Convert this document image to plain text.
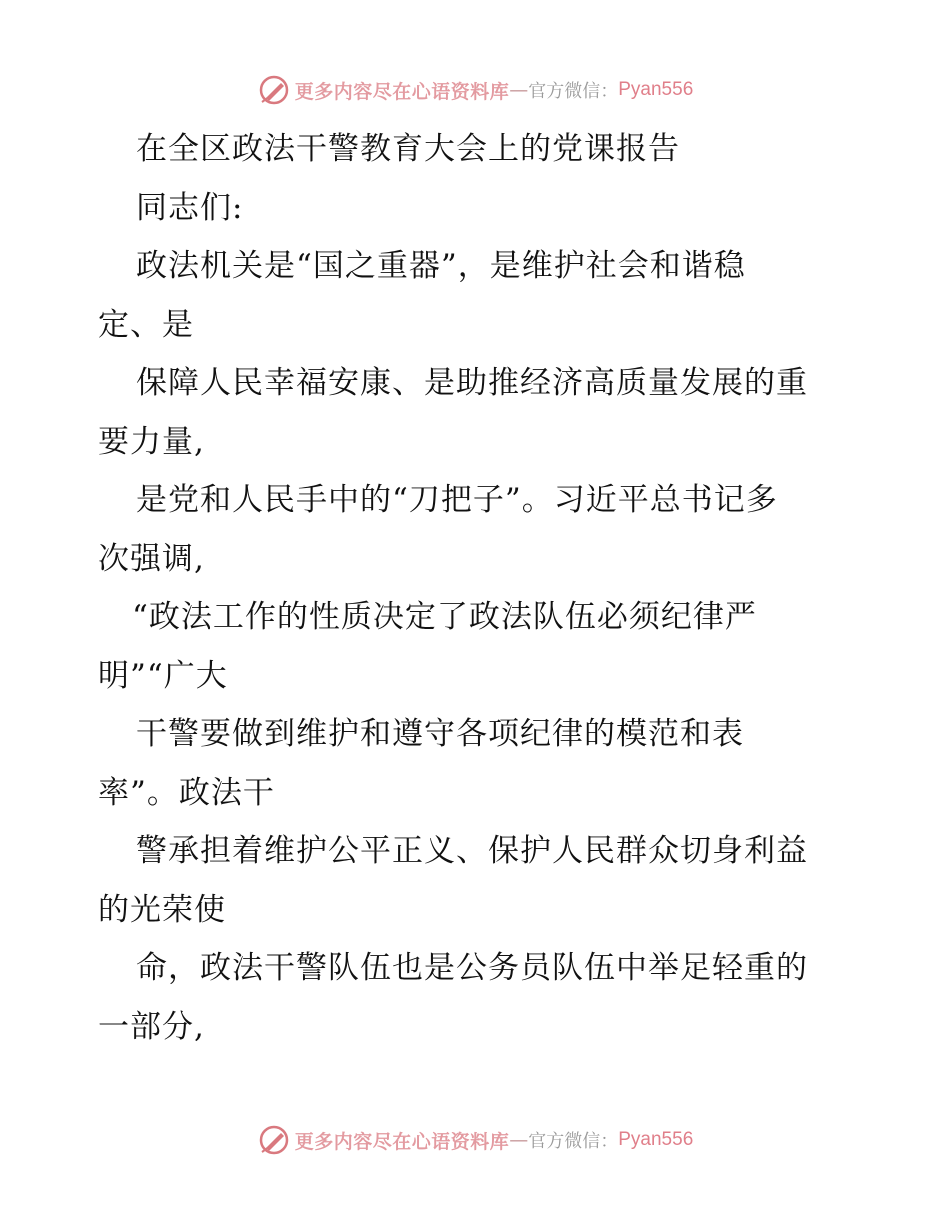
更多内容尽在心语资料库 — 官方微信： Pyan556
在全区政法干警教育大会上的党课报告
同志们:
政法机关是“国之重器”，是维护社会和谐稳
定、是
保障人民幸福安康、是助推经济高质量发展的重
要力量,
是党和人民手中的“刀把子”。习近平总书记多
次强调,
“政法工作的性质决定了政法队伍必须纪律严
明”“广大
干警要做到维护和遵守各项纪律的模范和表
率”。政法干
警承担着维护公平正义、保护人民群众切身利益
的光荣使
命，政法干警队伍也是公务员队伍中举足轻重的
一部分,
更多内容尽在心语资料库 — 官方微信： Pyan556
